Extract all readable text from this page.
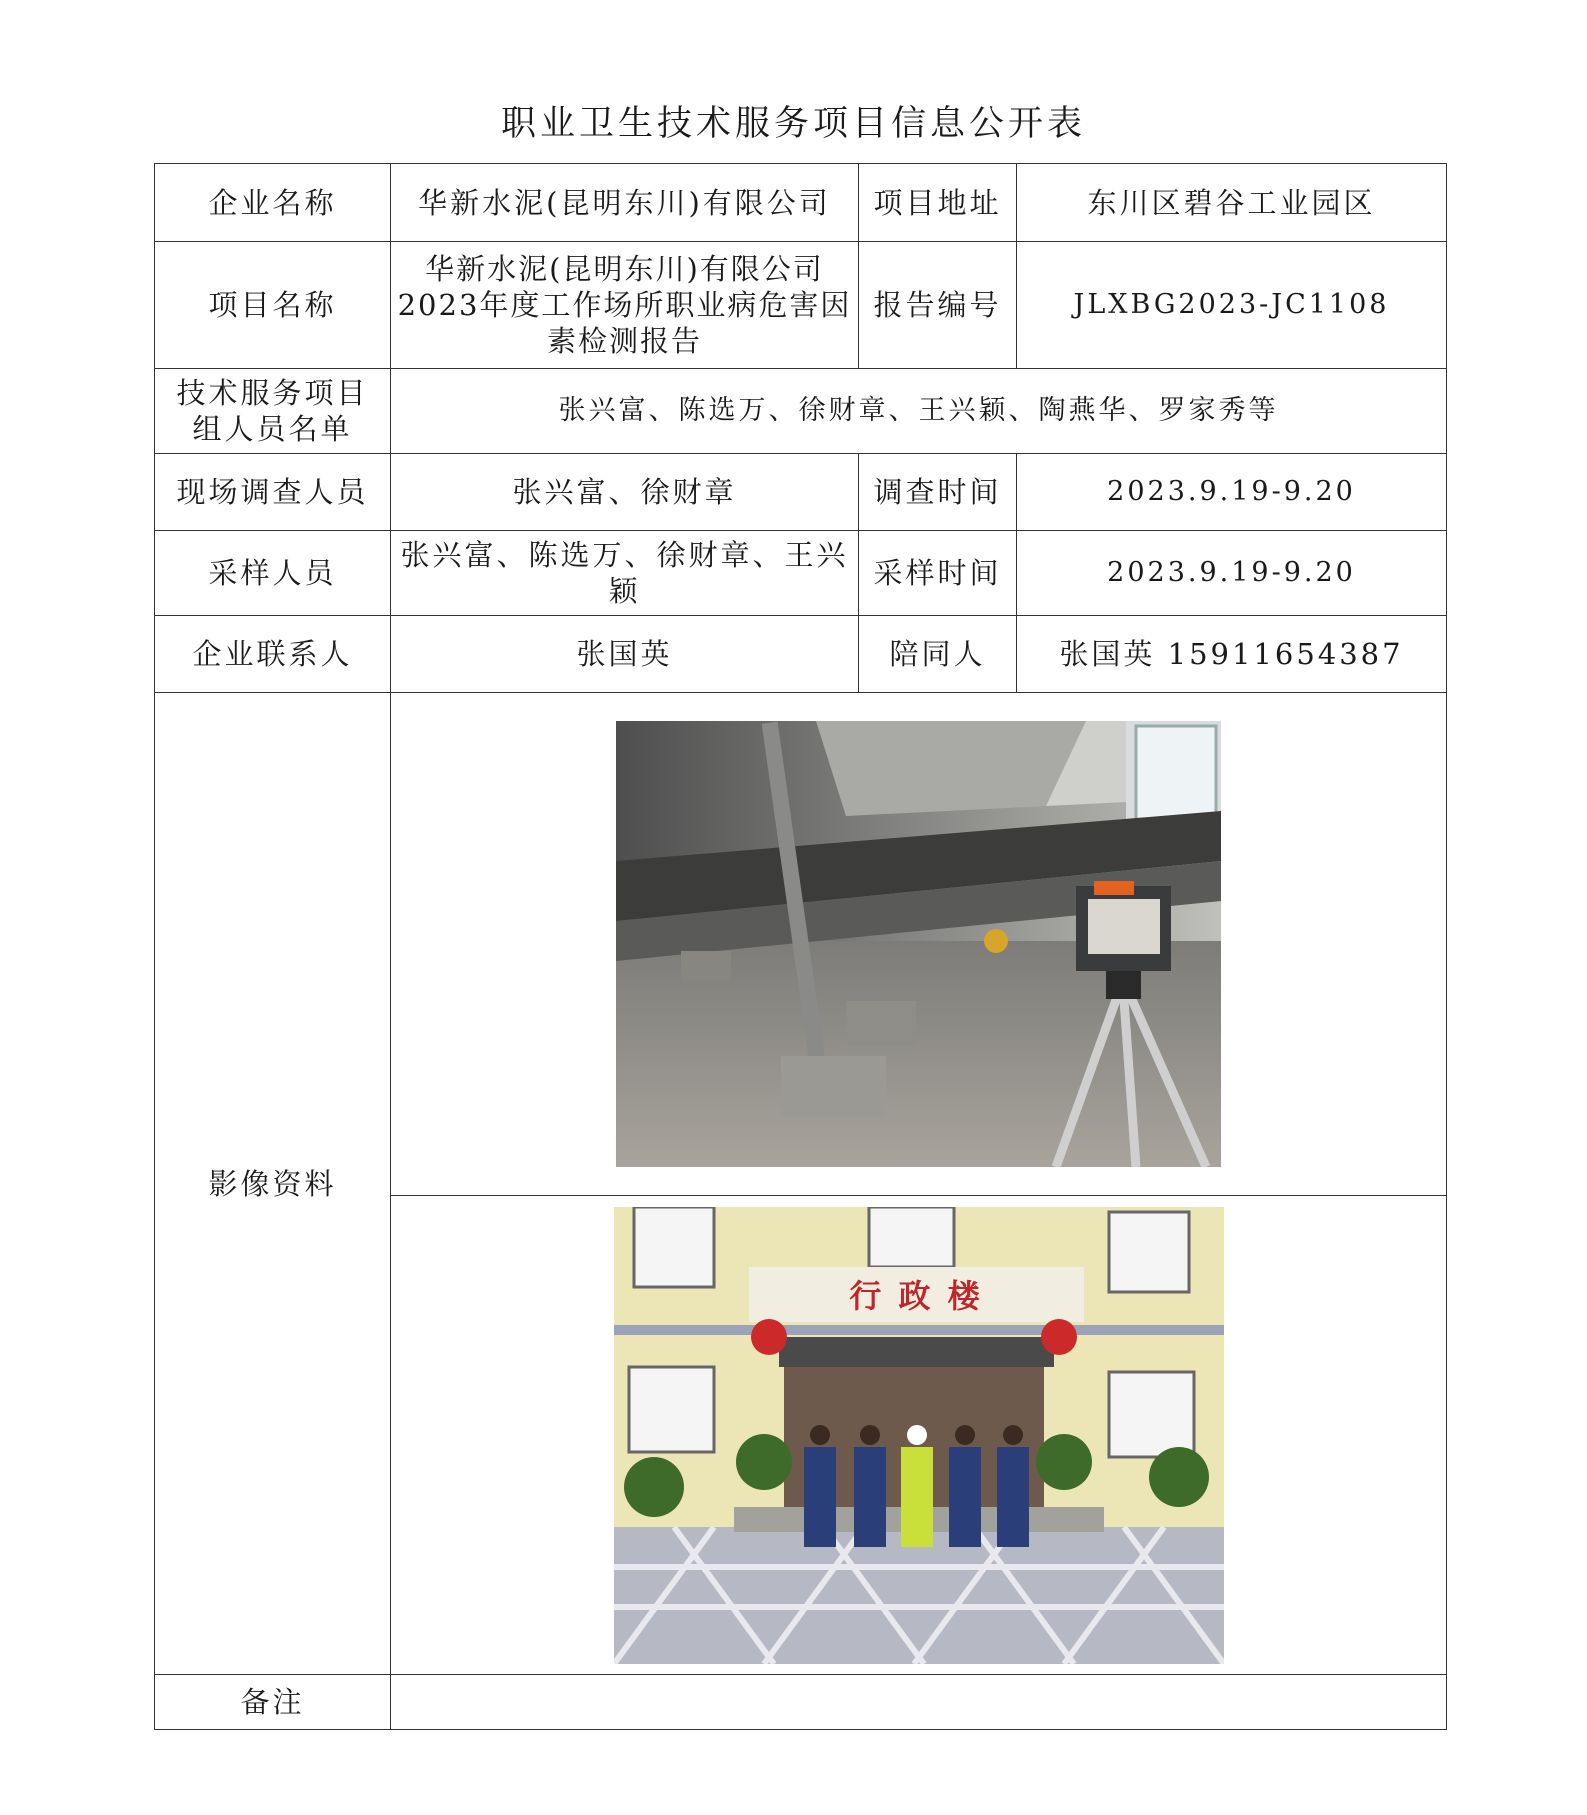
职业卫生技术服务项目信息公开表
企业名称	华新水泥(昆明东川)有限公司	项目地址	东川区碧谷工业园区
项目名称	华新水泥(昆明东川)有限公司2023年度工作场所职业病危害因素检测报告	报告编号	JLXBG2023-JC1108
技术服务项目组人员名单	张兴富、陈选万、徐财章、王兴颖、陶燕华、罗家秀等		
现场调查人员	张兴富、徐财章	调查时间	2023.9.19-9.20
采样人员	张兴富、陈选万、徐财章、王兴颖	采样时间	2023.9.19-9.20
企业联系人	张国英	陪同人	张国英 15911654387
影像资料	

行 政 楼		

备注			
